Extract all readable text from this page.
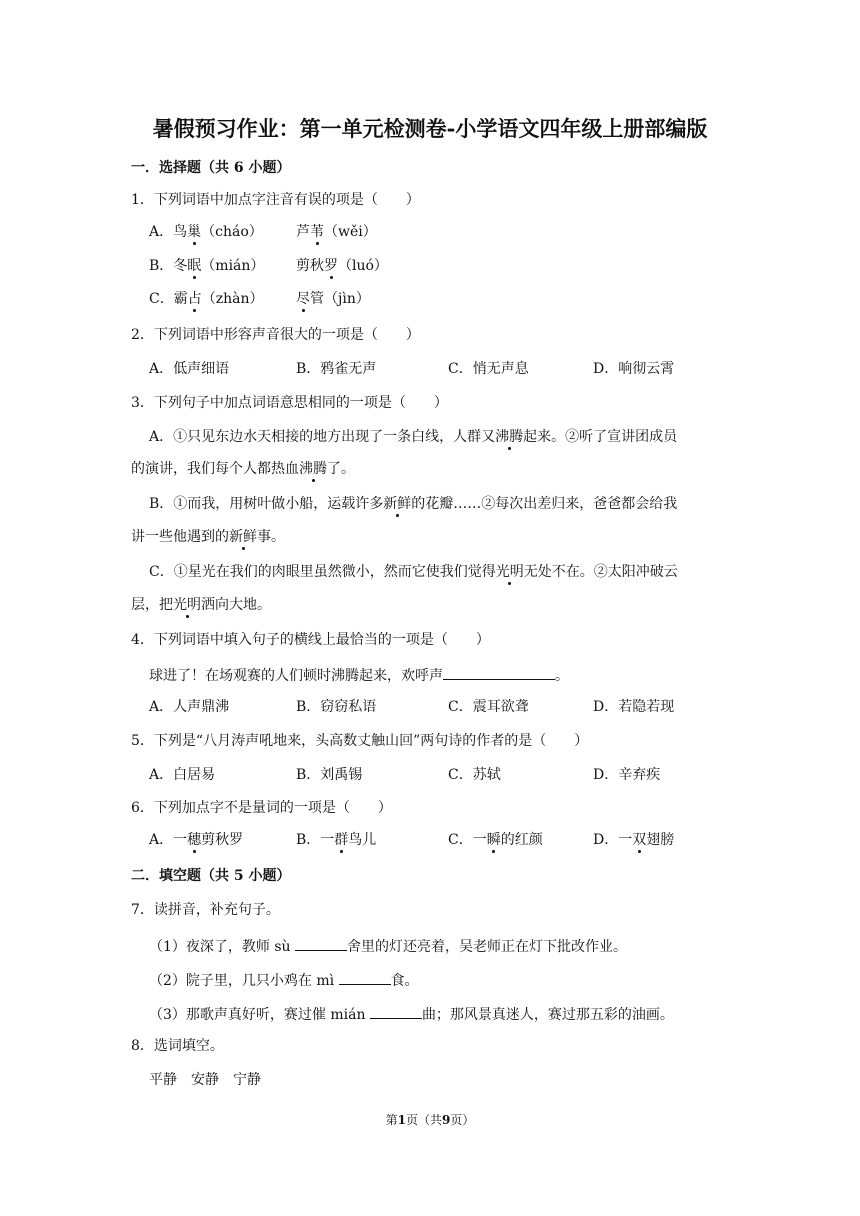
暑假预习作业：第一单元检测卷-小学语文四年级上册部编版
一．选择题（共 6 小题）
1．下列词语中加点字注音有误的项是（　　）
A．鸟巢（cháo） 芦苇（wěi）
B．冬眠（mián） 剪秋罗（luó）
C．霸占（zhàn） 尽管（jìn）
2．下列词语中形容声音很大的一项是（　　）
A．低声细语	B．鸦雀无声	C．悄无声息	D．响彻云霄
3．下列句子中加点词语意思相同的一项是（　　）
A．①只见东边水天相接的地方出现了一条白线，人群又沸腾起来。②听了宣讲团成员
的演讲，我们每个人都热血沸腾了。
B．①而我，用树叶做小船，运载许多新鲜的花瓣……②每次出差归来，爸爸都会给我
讲一些他遇到的新鲜事。
C．①星光在我们的肉眼里虽然微小，然而它使我们觉得光明无处不在。②太阳冲破云
层，把光明洒向大地。
4．下列词语中填入句子的横线上最恰当的一项是（　　）
球进了！在场观赛的人们顿时沸腾起来，欢呼声	。
A．人声鼎沸	B．窃窃私语	C．震耳欲聋	D．若隐若现
5．下列是“八月涛声吼地来，头高数丈触山回”两句诗的作者的是（　　）
A．白居易	B．刘禹锡	C．苏轼	D．辛弃疾
6．下列加点字不是量词的一项是（　　）
A．一穗剪秋罗	B．一群鸟儿	C．一瞬的红颜	D．一双翅膀
二．填空题（共 5 小题）
7．读拼音，补充句子。
（1）夜深了，教师 sù	舍里的灯还亮着，吴老师正在灯下批改作业。
（2）院子里，几只小鸡在 mì	食。
（3）那歌声真好听，赛过催 mián	曲；那风景真迷人，赛过那五彩的油画。
8．选词填空。
平静 安静 宁静
第1页（共9页）
